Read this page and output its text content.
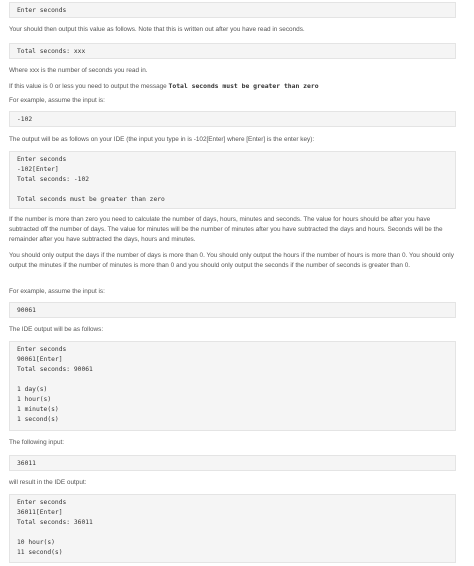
Enter seconds
Your should then output this value as follows. Note that this is written out after you have read in seconds.
Total seconds: xxx
Where xxx is the number of seconds you read in.
If this value is 0 or less you need to output the message Total seconds must be greater than zero
For example, assume the input is:
-102
The output will be as follows on your IDE (the input you type in is -102[Enter] where [Enter] is the enter key):
Enter seconds
-102[Enter]
Total seconds: -102

Total seconds must be greater than zero
If the number is more than zero you need to calculate the number of days, hours, minutes and seconds. The value for hours should be after you have subtracted off the number of days. The value for minutes will be the number of minutes after you have subtracted the days and hours. Seconds will be the remainder after you have subtracted the days, hours and minutes.
You should only output the days if the number of days is more than 0. You should only output the hours if the number of hours is more than 0. You should only output the minutes if the number of minutes is more than 0 and you should only output the seconds if the number of seconds is greater than 0.
For example, assume the input is:
90061
The IDE output will be as follows:
Enter seconds
90061[Enter]
Total seconds: 90061

1 day(s)
1 hour(s)
1 minute(s)
1 second(s)
The following input:
36011
will result in the IDE output:
Enter seconds
36011[Enter]
Total seconds: 36011

10 hour(s)
11 second(s)
